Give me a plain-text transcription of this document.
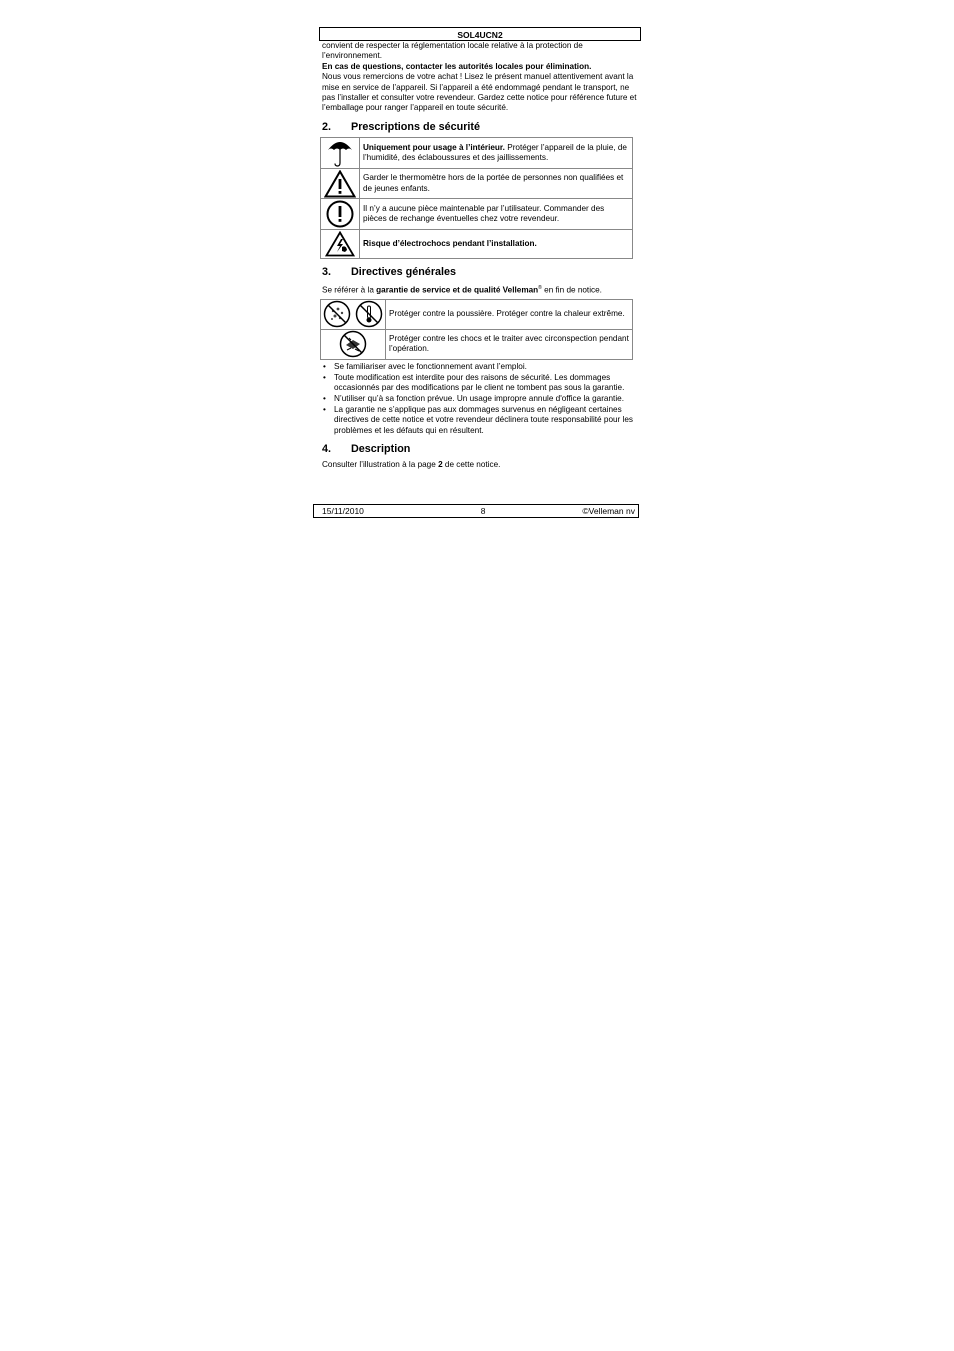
SOL4UCN2

convient de respecter la réglementation locale relative à la protection de l’environnement.

En cas de questions, contacter les autorités locales pour élimination.

Nous vous remercions de votre achat ! Lisez le présent manuel attentivement avant la mise en service de l’appareil. Si l’appareil a été endommagé pendant le transport, ne pas l’installer et consulter votre revendeur. Gardez cette notice pour référence future et l’emballage pour ranger l’appareil en toute sécurité.

2.	Prescriptions de sécurité
	Uniquement pour usage à l’intérieur. Protéger l’appareil de la pluie, de l’humidité, des éclaboussures et des jaillissements.

	Garder le thermomètre hors de la portée de personnes non qualifiées et de jeunes enfants.

	Il n’y a aucune pièce maintenable par l’utilisateur. Commander des pièces de rechange éventuelles chez votre revendeur.

	Risque d’électrochocs pendant l’installation.
3.	Directives générales

Se référer à la garantie de service et de qualité Velleman® en fin de notice.

	Protéger contre la poussière. Protéger contre la chaleur extrême.

	Protéger contre les chocs et le traiter avec circonspection pendant l’opération.
• Se familiariser avec le fonctionnement avant l’emploi.
• Toute modification est interdite pour des raisons de sécurité. Les dommages occasionnés par des modifications par le client ne tombent pas sous la garantie.
• N’utiliser qu’à sa fonction prévue. Un usage impropre annule d'office la garantie.
• La garantie ne s’applique pas aux dommages survenus en négligeant certaines directives de cette notice et votre revendeur déclinera toute responsabilité pour les problèmes et les défauts qui en résultent.
4.	Description

Consulter l’illustration à la page 2 de cette notice.

15/11/2010	8	©Velleman nv
